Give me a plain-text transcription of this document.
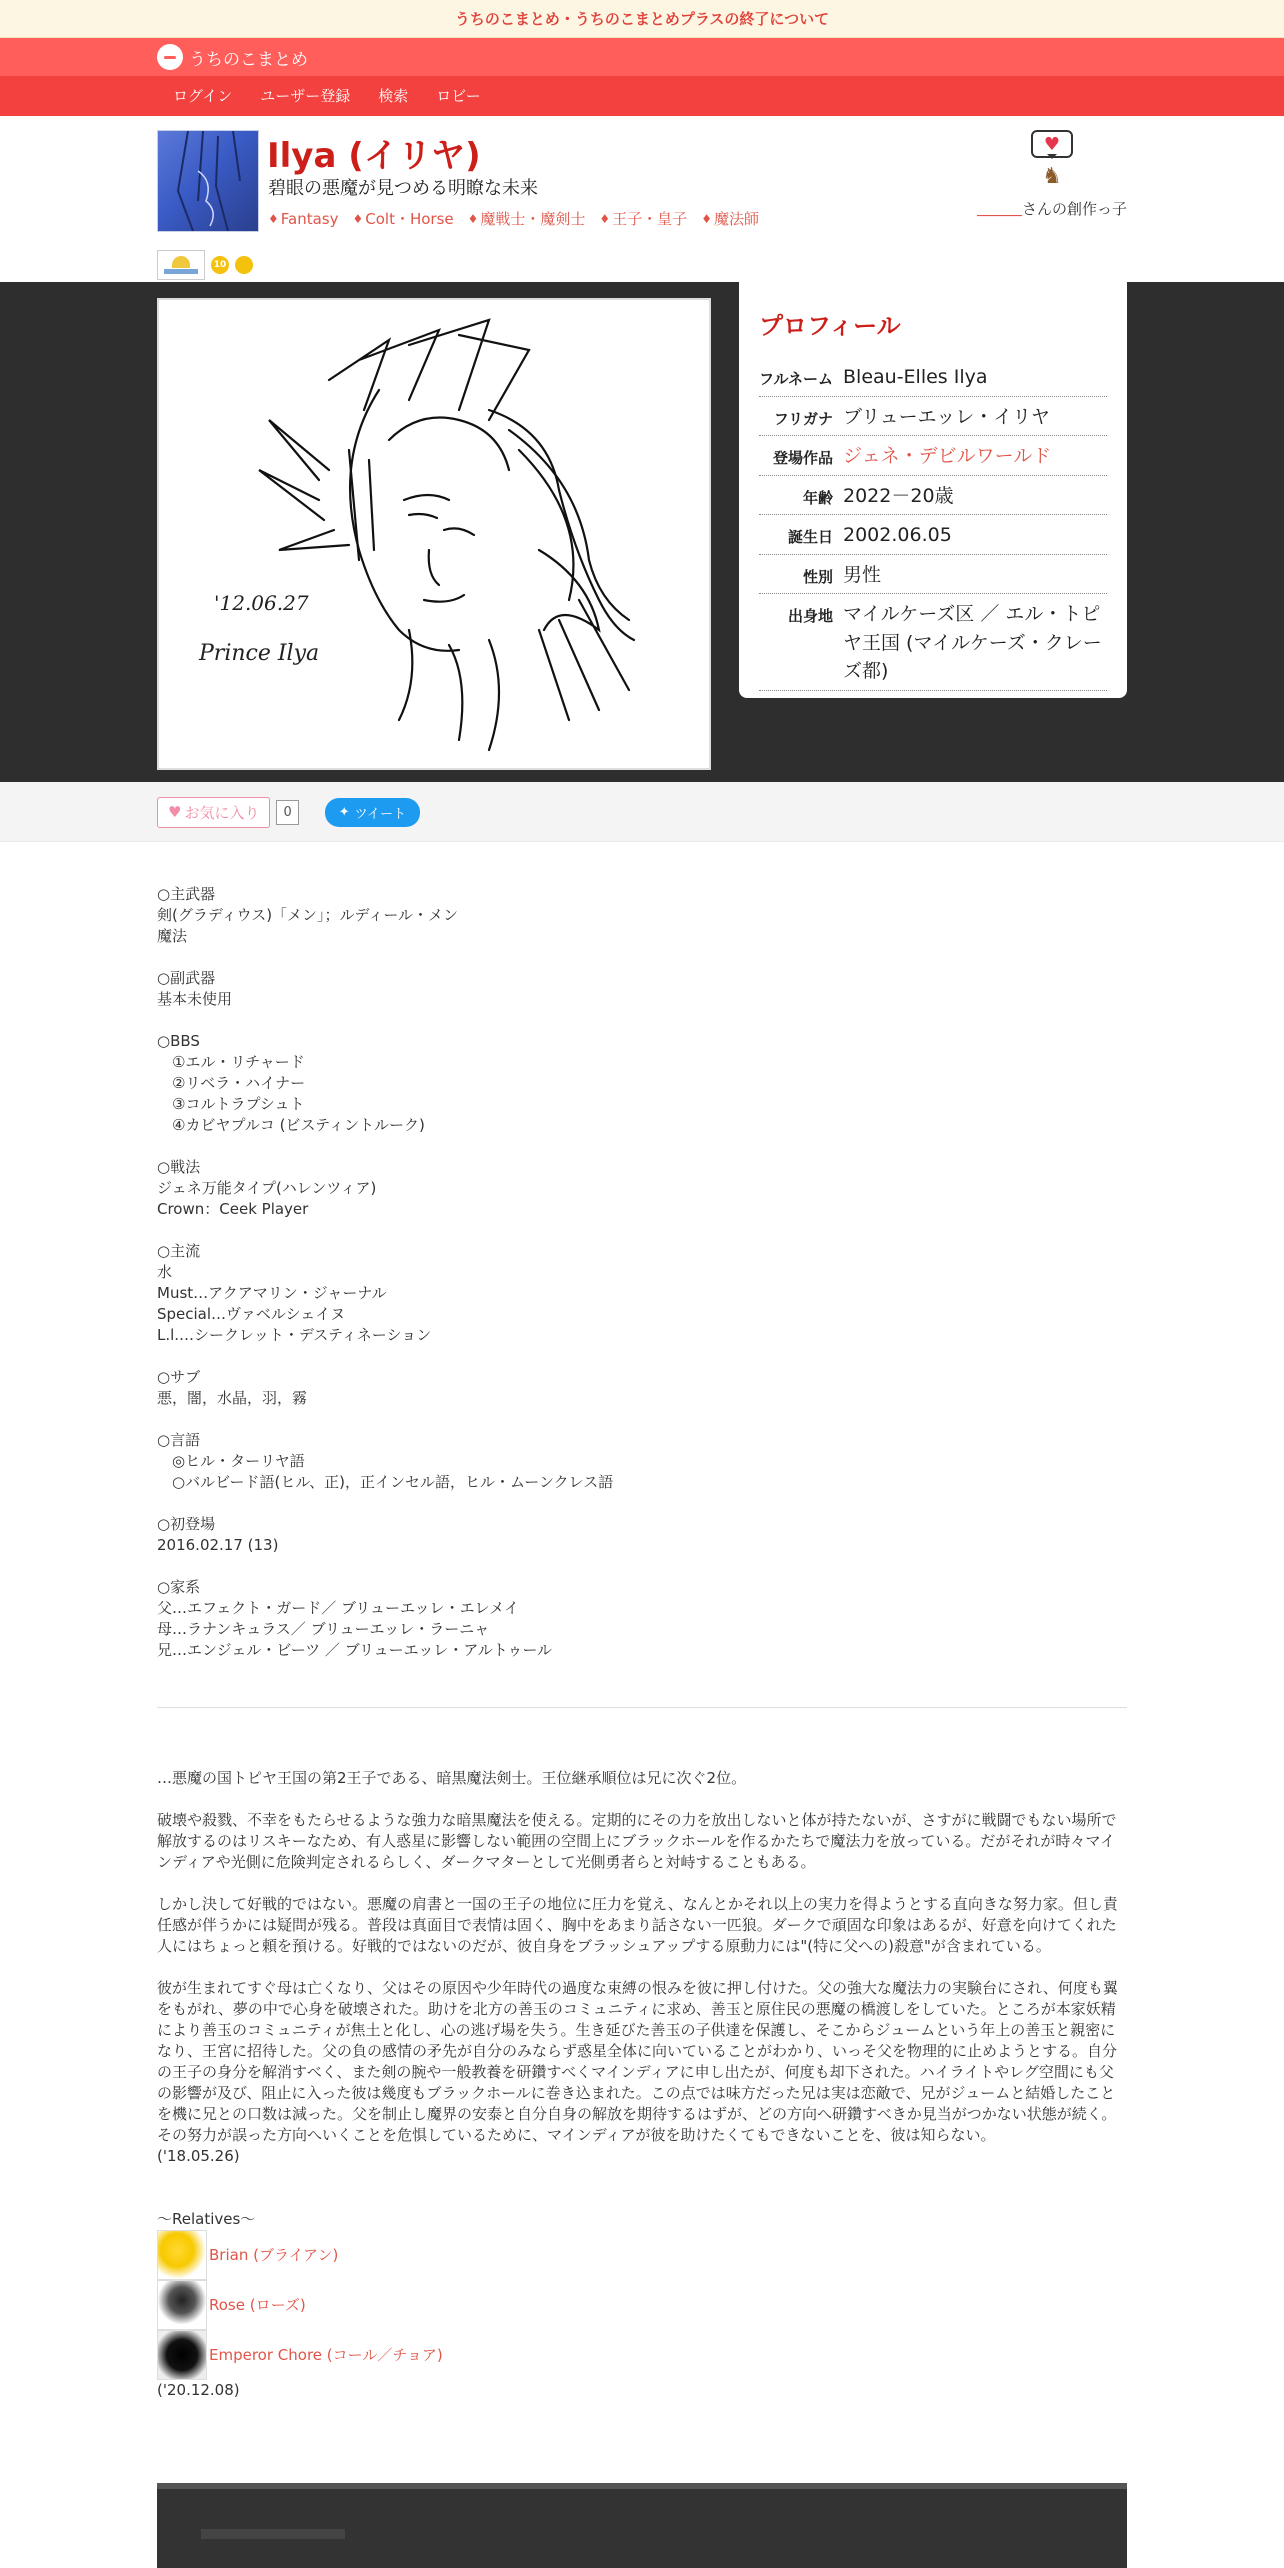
うちのこまとめ・うちのこまとめプラスの終了について
うちのこまとめ
ログイン	ユーザー登録	検索	ロビー
Ilya (イリヤ)
碧眼の悪魔が見つめる明瞭な未来
♦ Fantasy ♦ Colt・Horse ♦ 魔戦士・魔剣士 ♦ 王子・皇子 ♦ 魔法師
10
♥
♞
＿＿＿さんの創作っ子
'12.06.27
Prince Ilya
プロフィール
フルネーム Bleau-Elles Ilya
フリガナ ブリューエッレ・イリヤ
登場作品 ジェネ・デビルワールド
年齢 2022－20歳
誕生日 2002.06.05
性別 男性
出身地 マイルケーズ区 ／ エル・トピヤ王国 (マイルケーズ・クレーズ都)
♥ お気に入り	0	✦ ツイート

○主武器
剣(グラディウス)「メン」；ルディール・メン
魔法

○副武器
基本未使用

○BBS
　①エル・リチャード
　②リベラ・ハイナー
　③コルトラプシュト
　④カビヤプルコ (ビスティントルーク)

○戦法
ジェネ万能タイプ(ハレンツィア)
Crown：Ceek Player

○主流
水
Must…アクアマリン・ジャーナル
Special…ヴァベルシェイヌ
L.l.…シークレット・デスティネーション

○サブ
悪，闇，水晶，羽，霧

○言語
　◎ヒル・ターリヤ語
　○バルビード語(ヒル、正)，正インセル語，ヒル・ムーンクレス語

○初登場
2016.02.17 (13)

○家系
父…エフェクト・ガード／ ブリューエッレ・エレメイ
母…ラナンキュラス／ ブリューエッレ・ラーニャ
兄…エンジェル・ビーツ ／ ブリューエッレ・アルトゥール

…悪魔の国トピヤ王国の第2王子である、暗黒魔法剣士。王位継承順位は兄に次ぐ2位。

破壊や殺戮、不幸をもたらせるような強力な暗黒魔法を使える。定期的にその力を放出しないと体が持たないが、さすがに戦闘でもない場所で解放するのはリスキーなため、有人惑星に影響しない範囲の空間上にブラックホールを作るかたちで魔法力を放っている。だがそれが時々マインディアや光側に危険判定されるらしく、ダークマターとして光側勇者らと対峙することもある。

しかし決して好戦的ではない。悪魔の肩書と一国の王子の地位に圧力を覚え、なんとかそれ以上の実力を得ようとする直向きな努力家。但し責任感が伴うかには疑問が残る。普段は真面目で表情は固く、胸中をあまり話さない一匹狼。ダークで頑固な印象はあるが、好意を向けてくれた人にはちょっと頼を預ける。好戦的ではないのだが、彼自身をブラッシュアップする原動力には"(特に父への)殺意"が含まれている。

彼が生まれてすぐ母は亡くなり、父はその原因や少年時代の過度な束縛の恨みを彼に押し付けた。父の強大な魔法力の実験台にされ、何度も翼をもがれ、夢の中で心身を破壊された。助けを北方の善玉のコミュニティに求め、善玉と原住民の悪魔の橋渡しをしていた。ところが本家妖精により善玉のコミュニティが焦土と化し、心の逃げ場を失う。生き延びた善玉の子供達を保護し、そこからジュームという年上の善玉と親密になり、王宮に招待した。父の負の感情の矛先が自分のみならず惑星全体に向いていることがわかり、いっそ父を物理的に止めようとする。自分の王子の身分を解消すべく、また剣の腕や一般教養を研鑽すべくマインディアに申し出たが、何度も却下された。ハイライトやレグ空間にも父の影響が及び、阻止に入った彼は幾度もブラックホールに巻き込まれた。この点では味方だった兄は実は恋敵で、兄がジュームと結婚したことを機に兄との口数は減った。父を制止し魔界の安泰と自分自身の解放を期待するはずが、どの方向へ研鑽すべきか見当がつかない状態が続く。その努力が誤った方向へいくことを危惧しているために、マインディアが彼を助けたくてもできないことを、彼は知らない。
('18.05.26)

～Relatives～
Brian (ブライアン)
Rose (ローズ)
Emperor Chore (コール／チョア)
('20.12.08)
